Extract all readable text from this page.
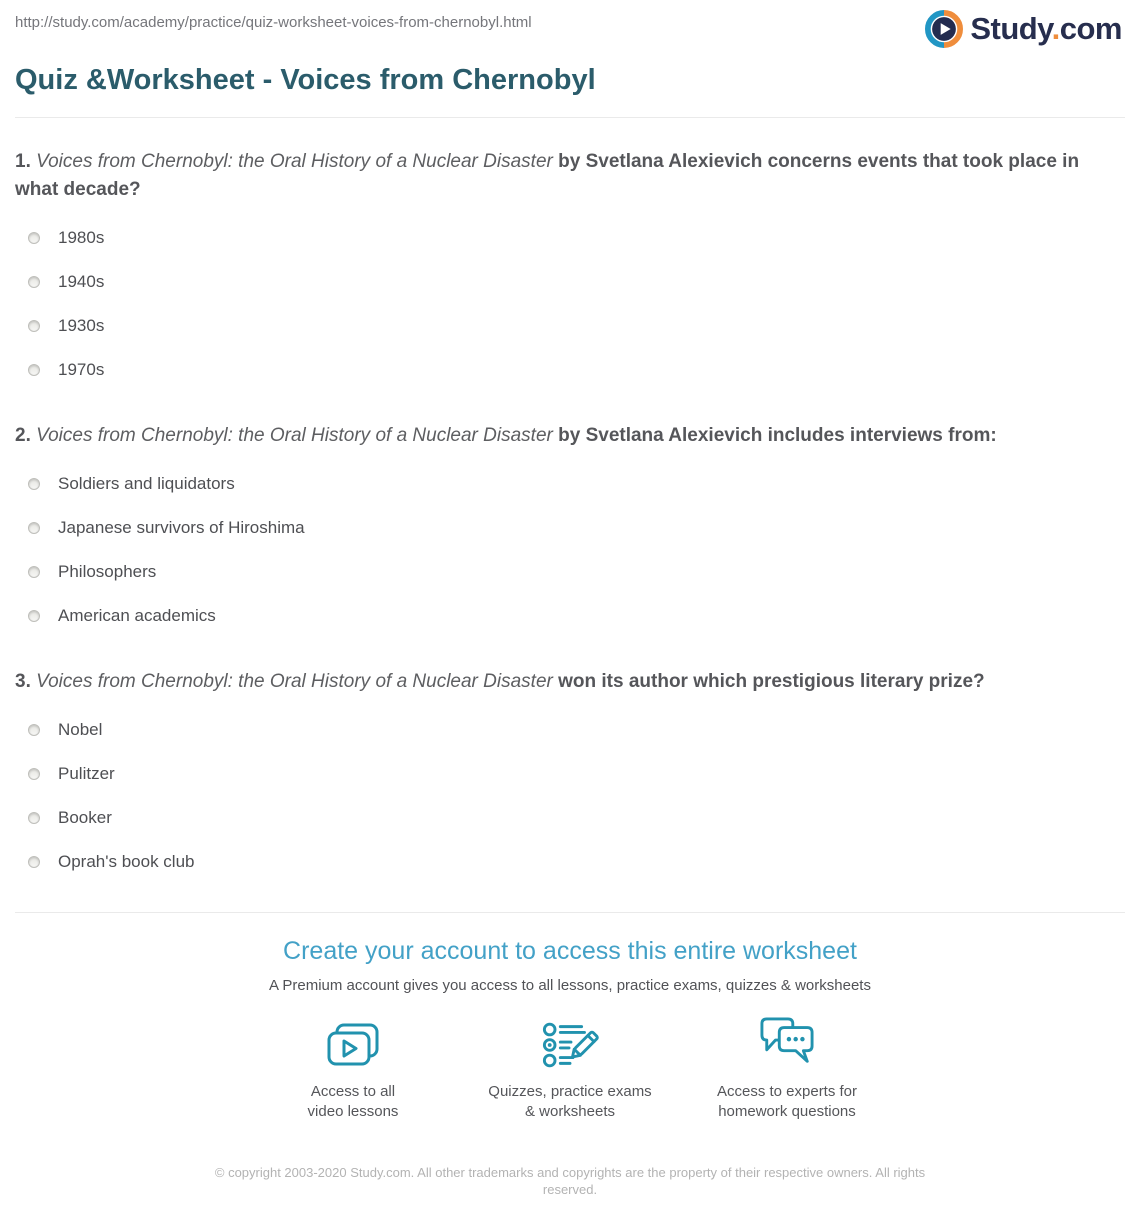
http://study.com/academy/practice/quiz-worksheet-voices-from-chernobyl.html	Study.com
Quiz &Worksheet - Voices from Chernobyl

1. Voices from Chernobyl: the Oral History of a Nuclear Disaster by Svetlana Alexievich concerns events that took place in what decade?

1980s
1940s
1930s
1970s

2. Voices from Chernobyl: the Oral History of a Nuclear Disaster by Svetlana Alexievich includes interviews from:

Soldiers and liquidators
Japanese survivors of Hiroshima
Philosophers
American academics

3. Voices from Chernobyl: the Oral History of a Nuclear Disaster won its author which prestigious literary prize?

Nobel
Pulitzer
Booker
Oprah's book club
Create your account to access this entire worksheet
A Premium account gives you access to all lessons, practice exams, quizzes & worksheets
Access to all
video lessons
Quizzes, practice exams
& worksheets
Access to experts for
homework questions
© copyright 2003-2020 Study.com. All other trademarks and copyrights are the property of their respective owners. All rights
reserved.
